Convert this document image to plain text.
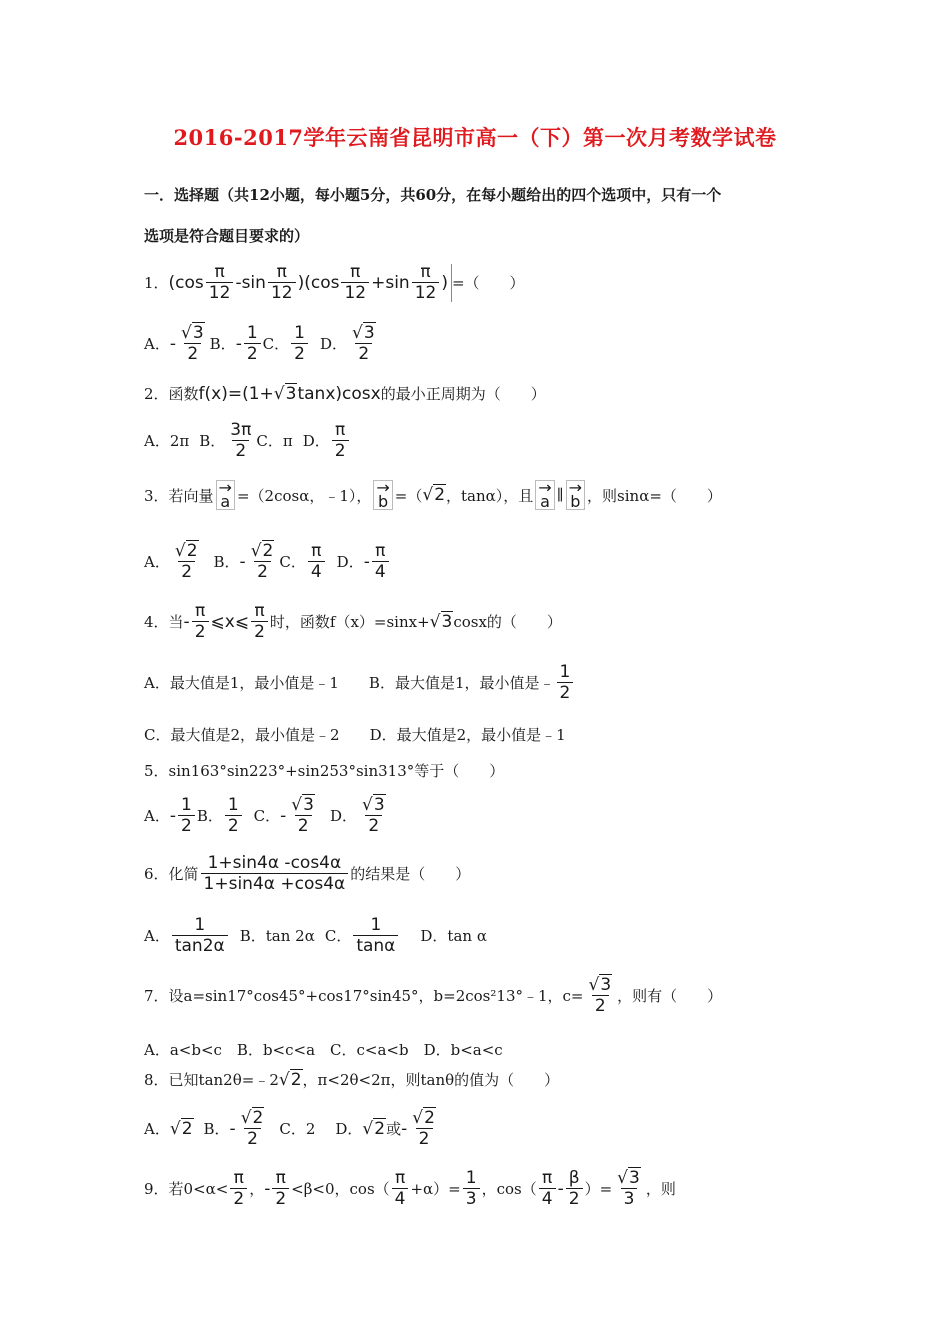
2016-2017学年云南省昆明市高一（下）第一次月考数学试卷
一．选择题（共12小题，每小题5分，共60分，在每小题给出的四个选项中，只有一个
选项是符合题目要求的）
1． $(\cos \frac{\pi}{12} -\sin \frac{\pi}{12} )(\cos \frac{\pi}{12} +\sin \frac{\pi}{12}$ ) =（　　）
A． - $\frac{√3}{2}$ B． - $\frac{1}{2}$ C． $\frac{1}{2}$ D． $\frac{√3}{2}$
2．函数 f(x)=(1+ √3 tanx)cosx 的最小正周期为（　　）
A．2π B． $\frac{3\pi}{2}$ C．π D． $\frac{\pi}{2}$
3．若向量 →
a =（2cosα，﹣1）， →
b =（ √2 ，tanα），且 →
a ∥ →
b ，则sinα=（　　）
A． $\frac{√2}{2}$ B． - $\frac{√2}{2}$ C． $\frac{\pi}{4}$ D． - $\frac{\pi}{4}$
4．当 - $\frac{\pi}{2}$ ⩽x⩽ $\frac{\pi}{2}$ 时，函数f（x）=sinx+ √3 cosx的（　　）
A．最大值是1，最小值是﹣1　　B．最大值是1，最小值是﹣ $\frac{1}{2}$
C．最大值是2，最小值是﹣2　　D．最大值是2，最小值是﹣1
5．sin163°sin223°+sin253°sin313°等于（　　）
A． - $\frac{1}{2}$ B． $\frac{1}{2}$ C． - $\frac{√3}{2}$ D． $\frac{√3}{2}$
6．化简 $\frac{1+\sin 4\alpha -\cos 4\alpha}{1+\sin 4\alpha +\cos 4\alpha}$ 的结果是（　　）
A． $\frac{1}{\tan 2\alpha}$ B．tan 2α C． $\frac{1}{\tan\alpha}$ D．tan α
7．设a=sin17°cos45°+cos17°sin45°，b=2cos²13°﹣1，$c= \frac{√3}{2}$ ，则有（　　）
A．a<b<c　B．b<c<a　C．c<a<b　D．b<a<c
8．已知tan2θ=﹣2 √2 ，π<2θ<2π，则tanθ的值为（　　）
A． √2 B． - $\frac{√2}{2}$ C．2 D． √2 或 - $\frac{√2}{2}$
9．若$0<\alpha< \frac{\pi}{2}$ ， - $\frac{\pi}{2} <\beta<0$，$\cos( \frac{\pi}{4} +\alpha)= \frac{1}{3}$ ，$\cos( \frac{\pi}{4} - \frac{\beta}{2}$ ）= $\frac{√3}{3}$ ，则
